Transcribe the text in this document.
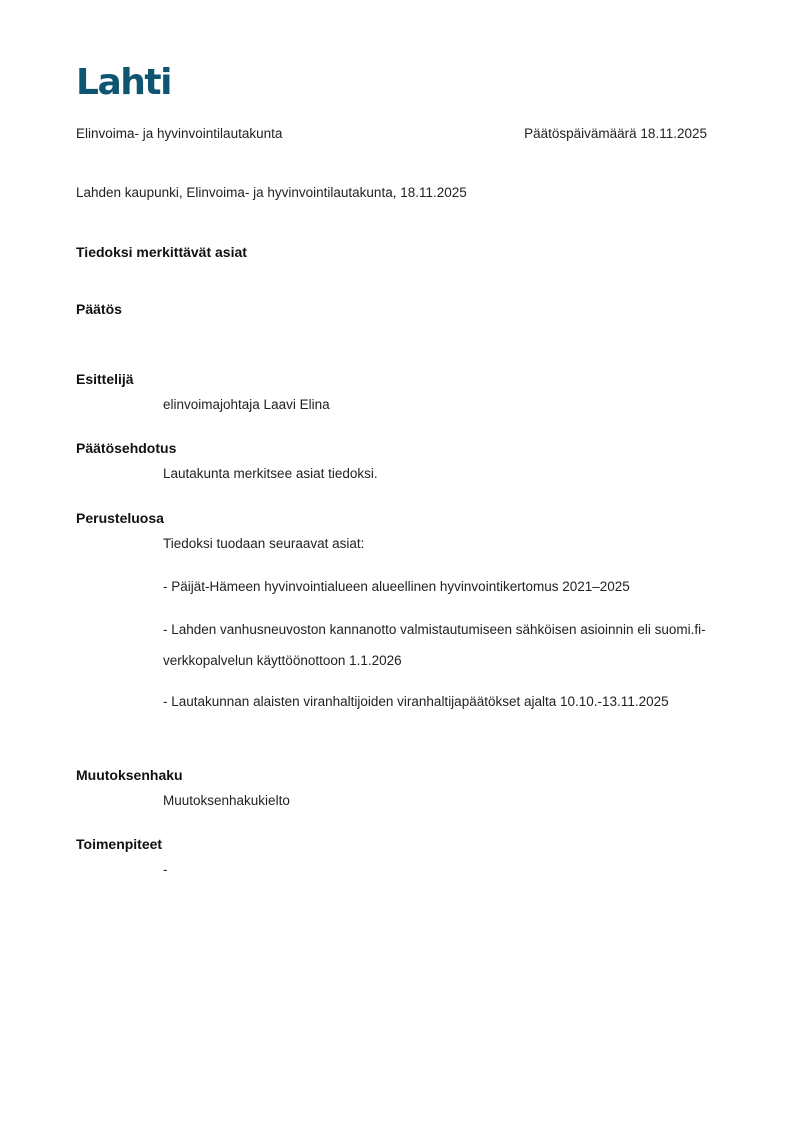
Lahti
Elinvoima- ja hyvinvointilautakunta	Päätöspäivämäärä 18.11.2025
Lahden kaupunki, Elinvoima- ja hyvinvointilautakunta, 18.11.2025
Tiedoksi merkittävät asiat
Päätös
Esittelijä
elinvoimajohtaja Laavi Elina
Päätösehdotus
Lautakunta merkitsee asiat tiedoksi.
Perusteluosa
Tiedoksi tuodaan seuraavat asiat:
- Päijät-Hämeen hyvinvointialueen alueellinen hyvinvointikertomus 2021–2025
- Lahden vanhusneuvoston kannanotto valmistautumiseen sähköisen asioinnin eli suomi.fi-verkkopalvelun käyttöönottoon 1.1.2026
- Lautakunnan alaisten viranhaltijoiden viranhaltijapäätökset ajalta 10.10.-13.11.2025
Muutoksenhaku
Muutoksenhakukielto
Toimenpiteet
-
